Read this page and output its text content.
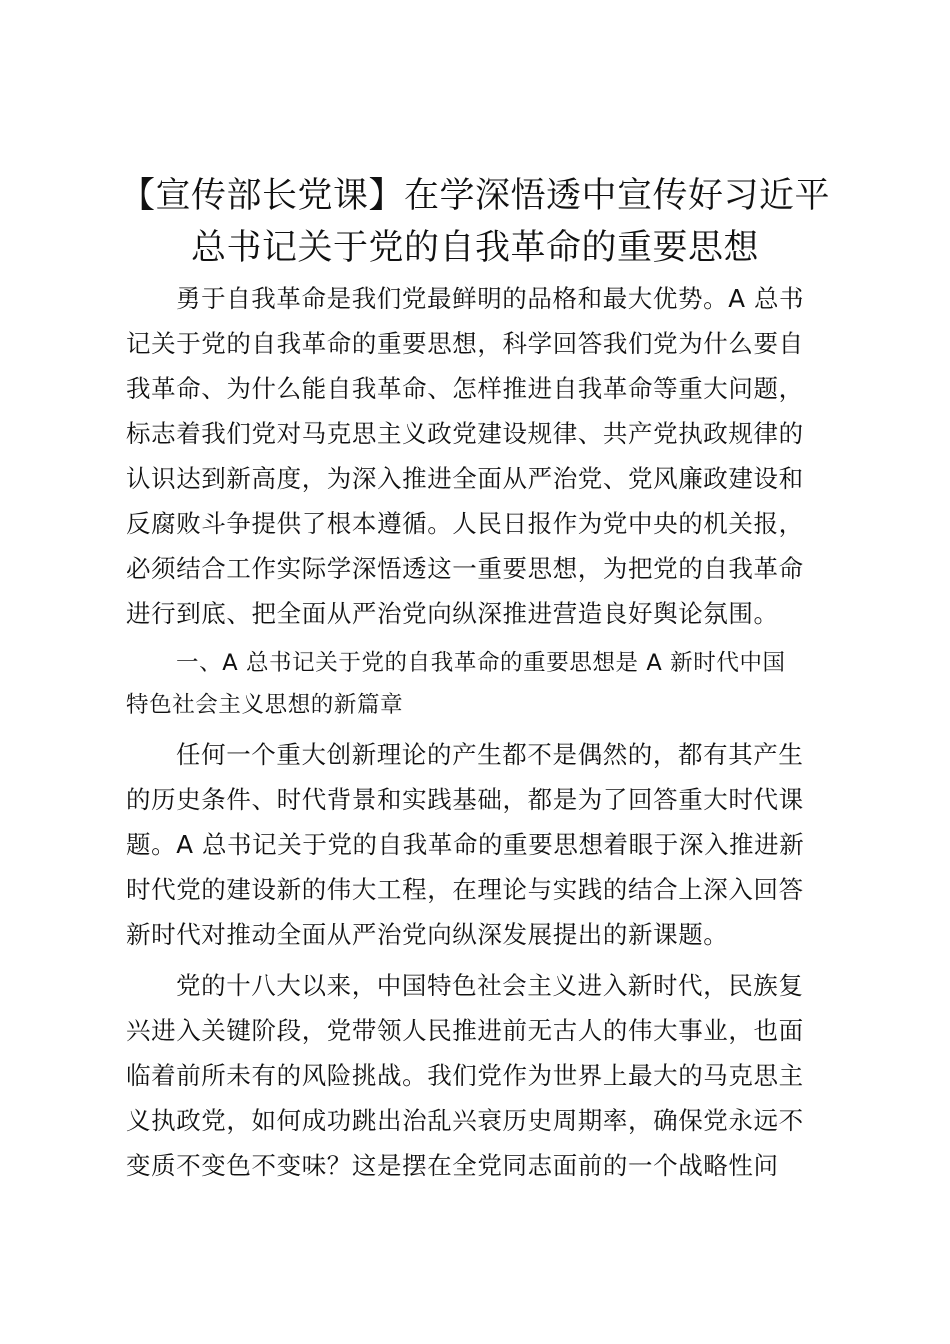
【宣传部长党课】在学深悟透中宣传好习近平
总书记关于党的自我革命的重要思想
勇于自我革命是我们党最鲜明的品格和最大优势。A 总书
记关于党的自我革命的重要思想，科学回答我们党为什么要自
我革命、为什么能自我革命、怎样推进自我革命等重大问题，
标志着我们党对马克思主义政党建设规律、共产党执政规律的
认识达到新高度，为深入推进全面从严治党、党风廉政建设和
反腐败斗争提供了根本遵循。人民日报作为党中央的机关报，
必须结合工作实际学深悟透这一重要思想，为把党的自我革命
进行到底、把全面从严治党向纵深推进营造良好舆论氛围。
一、A 总书记关于党的自我革命的重要思想是 A 新时代中国
特色社会主义思想的新篇章
任何一个重大创新理论的产生都不是偶然的，都有其产生
的历史条件、时代背景和实践基础，都是为了回答重大时代课
题。A 总书记关于党的自我革命的重要思想着眼于深入推进新
时代党的建设新的伟大工程，在理论与实践的结合上深入回答
新时代对推动全面从严治党向纵深发展提出的新课题。
党的十八大以来，中国特色社会主义进入新时代，民族复
兴进入关键阶段，党带领人民推进前无古人的伟大事业，也面
临着前所未有的风险挑战。我们党作为世界上最大的马克思主
义执政党，如何成功跳出治乱兴衰历史周期率，确保党永远不
变质不变色不变味？这是摆在全党同志面前的一个战略性问
